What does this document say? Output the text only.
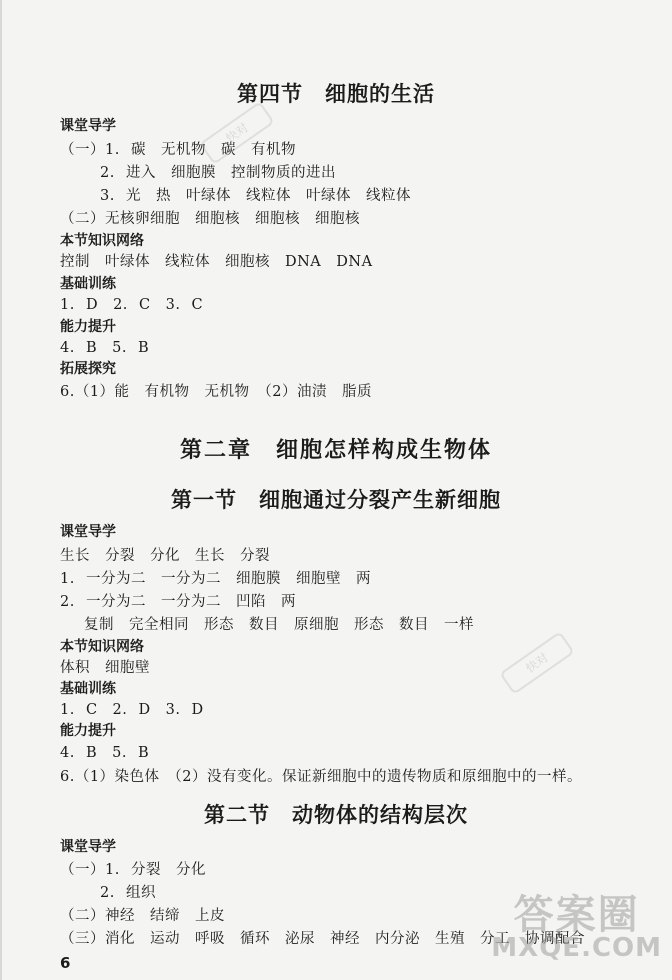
第四节　细胞的生活
课堂导学
（一）1. 碳　无机物　碳　有机物
2. 进入　细胞膜　控制物质的进出
3. 光　热　叶绿体　线粒体　叶绿体　线粒体
（二）无核卵细胞　细胞核　细胞核　细胞核
本节知识网络
控制　叶绿体　线粒体　细胞核　DNA　DNA
基础训练
1. D　2. C　3. C
能力提升
4. B　5. B
拓展探究
6.（1）能　有机物　无机物　（2）油渍　脂质
第二章　细胞怎样构成生物体
第一节　细胞通过分裂产生新细胞
课堂导学
生长　分裂　分化　生长　分裂
1. 一分为二　一分为二　细胞膜　细胞壁　两
2. 一分为二　一分为二　凹陷　两
复制　完全相同　形态　数目　原细胞　形态　数目　一样
本节知识网络
体积　细胞壁
基础训练
1. C　2. D　3. D
能力提升
4. B　5. B
6.（1）染色体　（2）没有变化。保证新细胞中的遗传物质和原细胞中的一样。
第二节　动物体的结构层次
课堂导学
（一）1. 分裂　分化
2. 组织
（二）神经　结缔　上皮
（三）消化　运动　呼吸　循环　泌尿　神经　内分泌　生殖　分工　协调配合
6
快对
快对
答案圈
MXQE.COM
